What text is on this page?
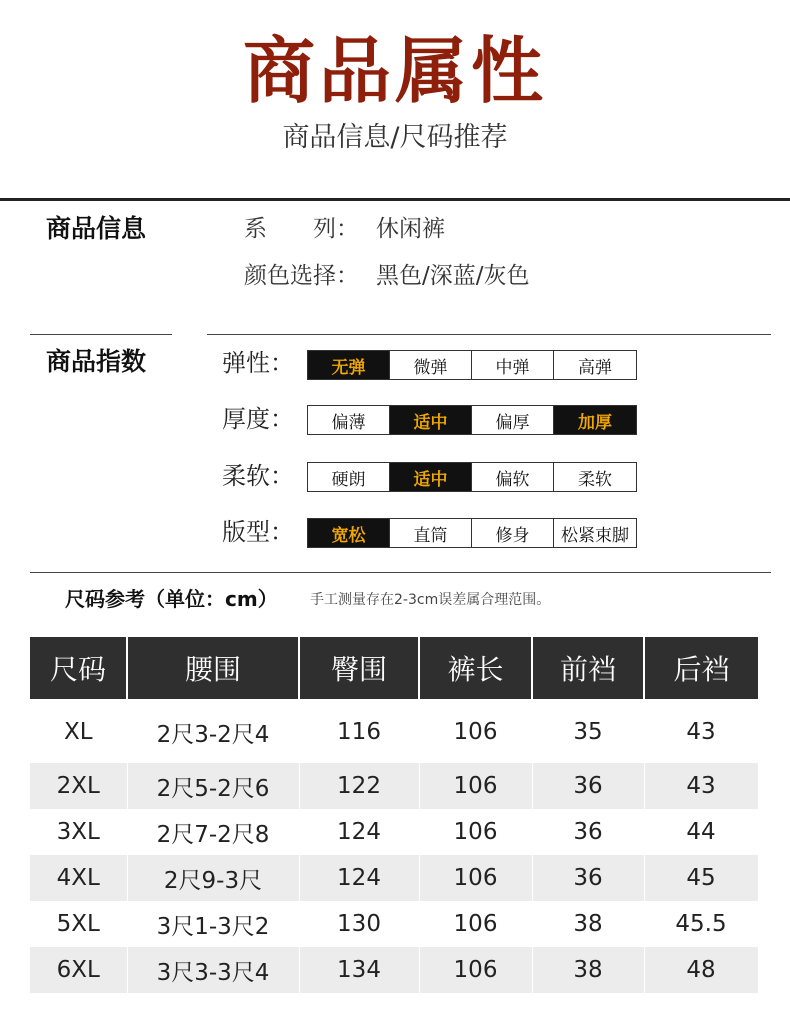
商品属性
商品信息/尺码推荐
商品信息	系　　列： 休闲裤
颜色选择： 黑色/深蓝/灰色
商品指数	弹性：	无弹	微弹	中弹	高弹
厚度：	偏薄	适中	偏厚	加厚
柔软：	硬朗	适中	偏软	柔软
版型：	宽松	直筒	修身	松紧束脚
尺码参考（单位：cm） 手工测量存在2-3cm误差属合理范围。
尺码	腰围	臀围	裤长	前裆	后裆
XL	2尺3-2尺4	116	106	35	43
2XL	2尺5-2尺6	122	106	36	43
3XL	2尺7-2尺8	124	106	36	44
4XL	2尺9-3尺	124	106	36	45
5XL	3尺1-3尺2	130	106	38	45.5
6XL	3尺3-3尺4	134	106	38	48
